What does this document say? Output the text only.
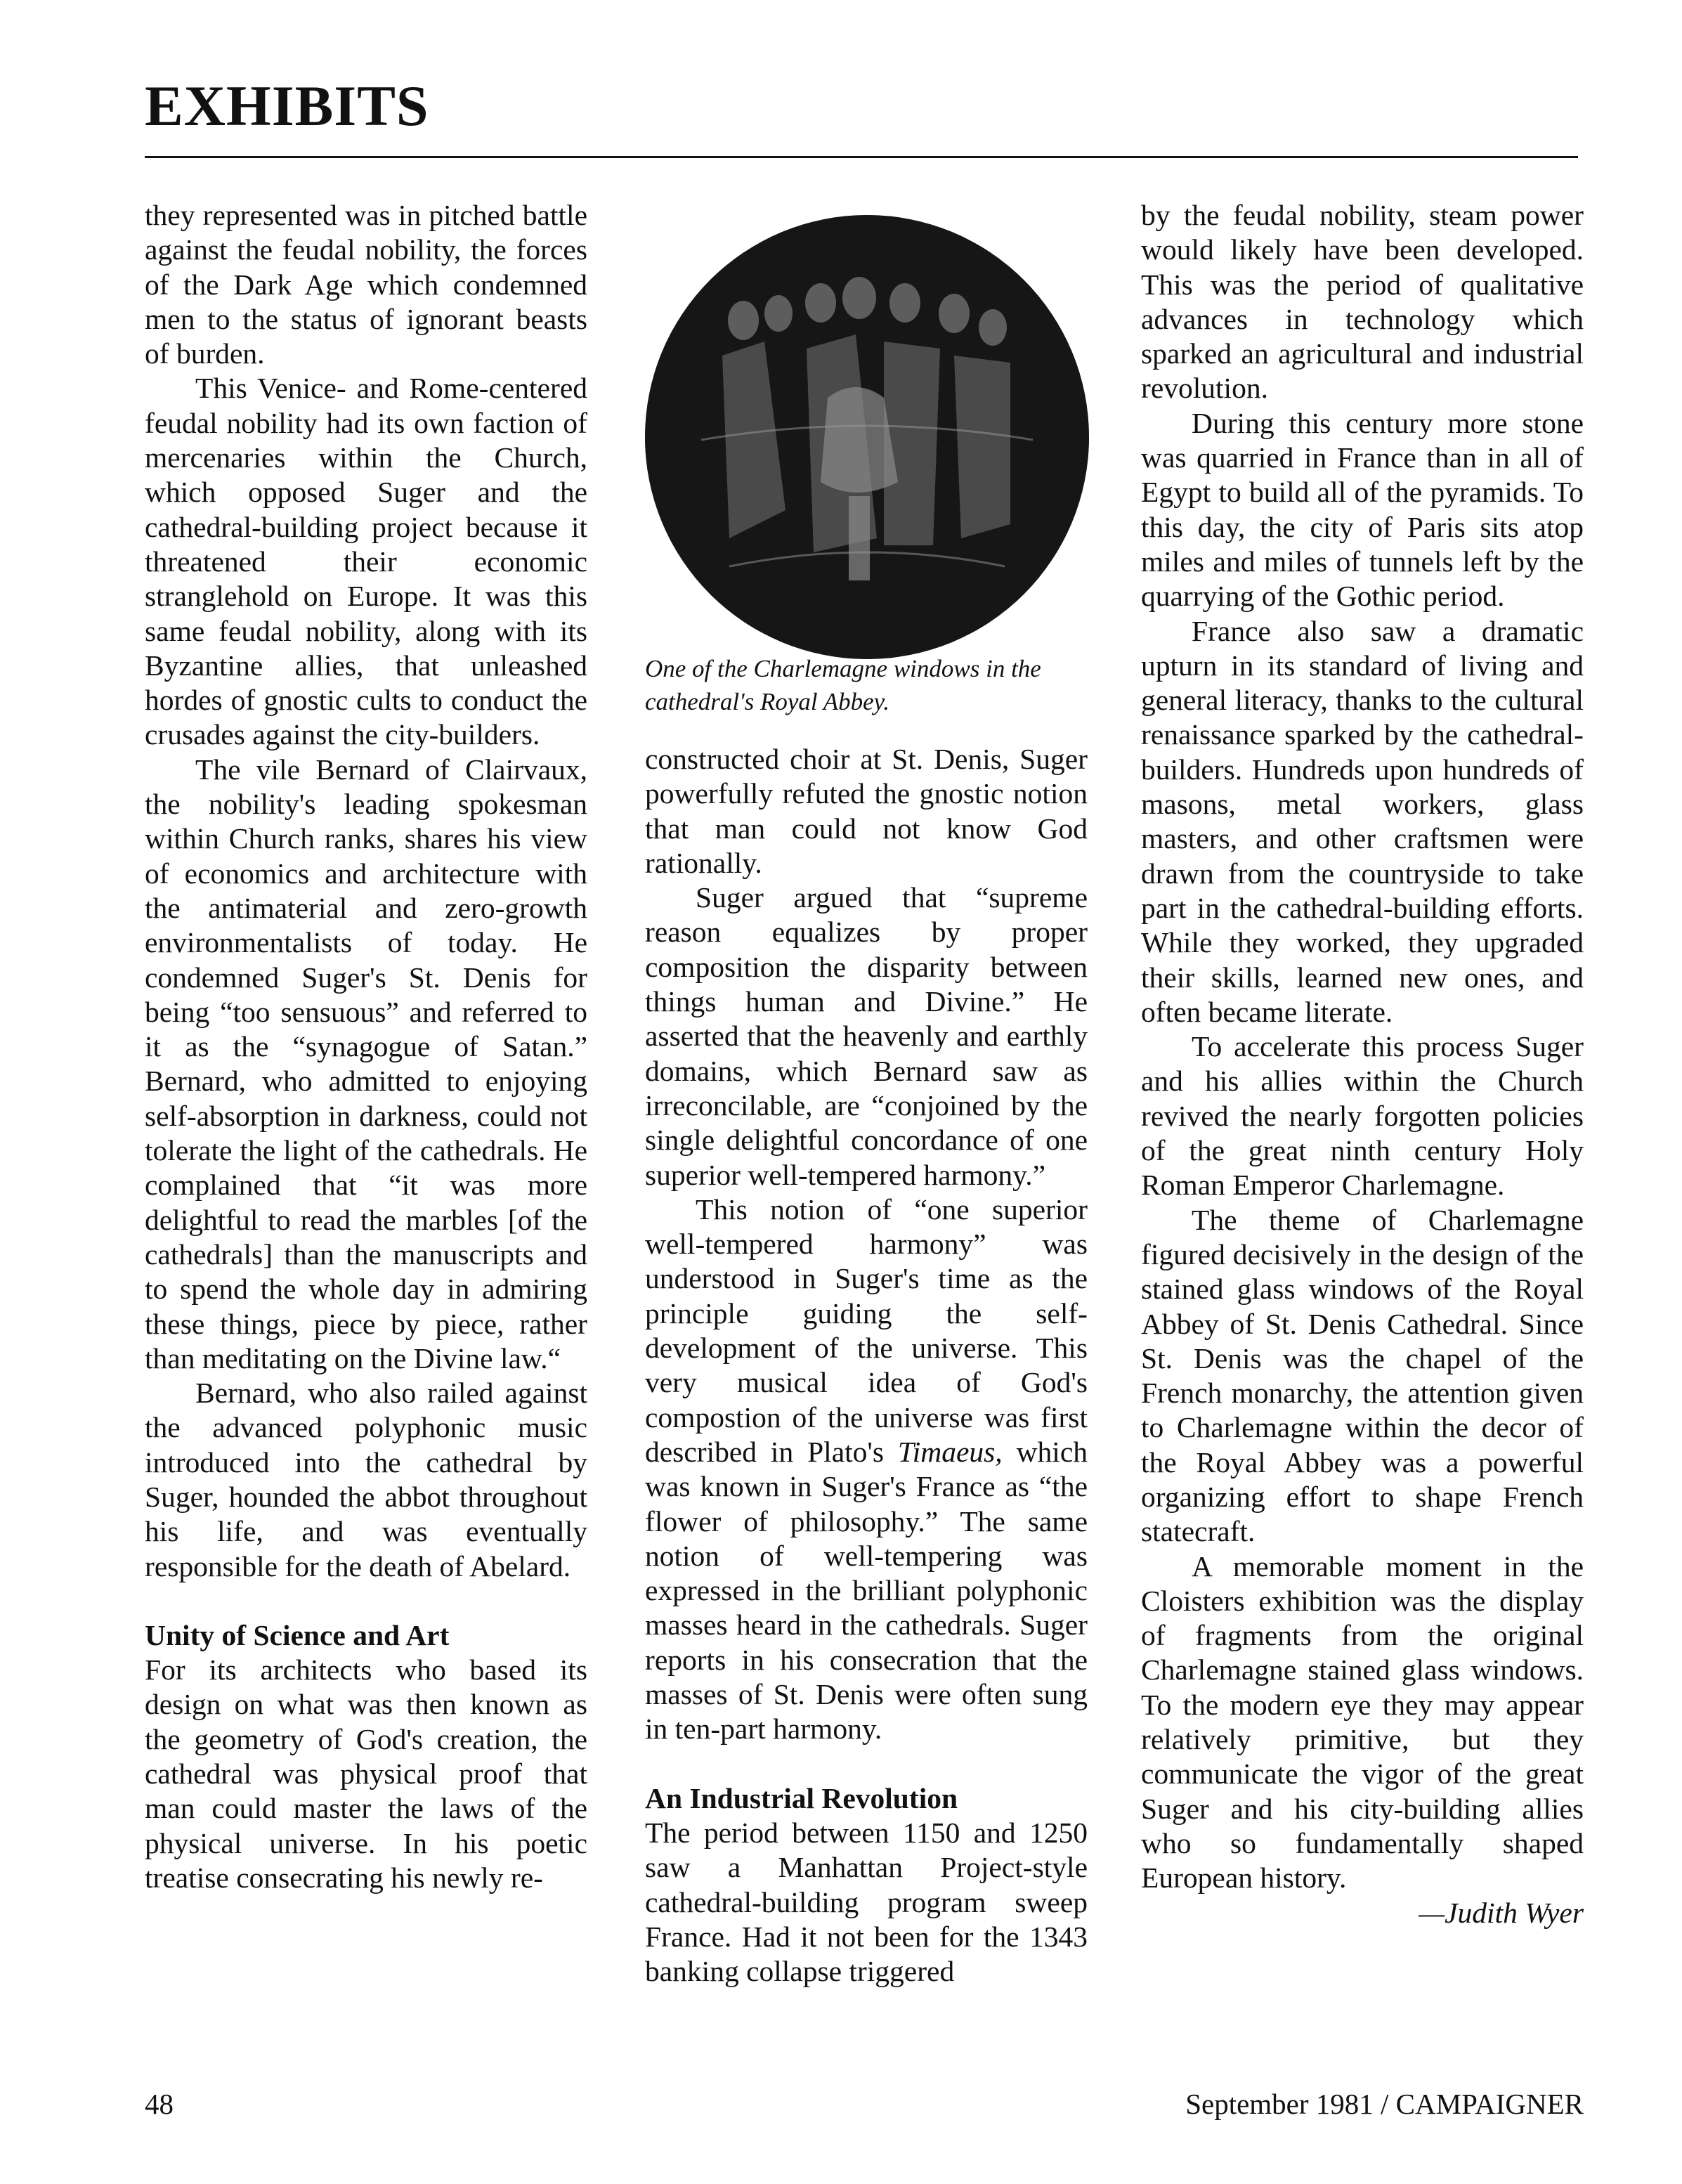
EXHIBITS

they represented was in pitched battle against the feudal nobility, the forces of the Dark Age which condemned men to the status of ignorant beasts of burden.

This Venice- and Rome-centered feudal nobility had its own faction of mercenaries within the Church, which opposed Suger and the cathedral-building project because it threatened their economic stranglehold on Europe. It was this same feudal nobility, along with its Byzantine allies, that unleashed hordes of gnostic cults to conduct the crusades against the city-builders.

The vile Bernard of Clairvaux, the nobility's leading spokesman within Church ranks, shares his view of economics and architecture with the antimaterial and zero-growth environmentalists of today. He condemned Suger's St. Denis for being “too sensuous” and referred to it as the “synagogue of Satan.” Bernard, who admitted to enjoying self-absorption in darkness, could not tolerate the light of the cathedrals. He complained that “it was more delightful to read the marbles [of the cathedrals] than the manuscripts and to spend the whole day in admiring these things, piece by piece, rather than meditating on the Divine law.“

Bernard, who also railed against the advanced polyphonic music introduced into the cathedral by Suger, hounded the abbot throughout his life, and was eventually responsible for the death of Abelard.

Unity of Science and Art

For its architects who based its design on what was then known as the geometry of God's creation, the cathedral was physical proof that man could master the laws of the physical universe. In his poetic treatise consecrating his newly re-

One of the Charlemagne windows in the cathedral's Royal Abbey.

constructed choir at St. Denis, Suger powerfully refuted the gnostic notion that man could not know God rationally.

Suger argued that “supreme reason equalizes by proper composition the disparity between things human and Divine.” He asserted that the heavenly and earthly domains, which Bernard saw as irreconcilable, are “conjoined by the single delightful concordance of one superior well-tempered harmony.”

This notion of “one superior well-tempered harmony” was understood in Suger's time as the principle guiding the self-development of the universe. This very musical idea of God's compostion of the universe was first described in Plato's Timaeus, which was known in Suger's France as “the flower of philosophy.” The same notion of well-tempering was expressed in the brilliant polyphonic masses heard in the cathedrals. Suger reports in his consecration that the masses of St. Denis were often sung in ten-part harmony.

An Industrial Revolution

The period between 1150 and 1250 saw a Manhattan Project-style cathedral-building program sweep France. Had it not been for the 1343 banking collapse triggered

by the feudal nobility, steam power would likely have been developed. This was the period of qualitative advances in technology which sparked an agricultural and industrial revolution.

During this century more stone was quarried in France than in all of Egypt to build all of the pyramids. To this day, the city of Paris sits atop miles and miles of tunnels left by the quarrying of the Gothic period.

France also saw a dramatic upturn in its standard of living and general literacy, thanks to the cultural renaissance sparked by the cathedral-builders. Hundreds upon hundreds of masons, metal workers, glass masters, and other craftsmen were drawn from the countryside to take part in the cathedral-building efforts. While they worked, they upgraded their skills, learned new ones, and often became literate.

To accelerate this process Suger and his allies within the Church revived the nearly forgotten policies of the great ninth century Holy Roman Emperor Charlemagne.

The theme of Charlemagne figured decisively in the design of the stained glass windows of the Royal Abbey of St. Denis Cathedral. Since St. Denis was the chapel of the French monarchy, the attention given to Charlemagne within the decor of the Royal Abbey was a powerful organizing effort to shape French statecraft.

A memorable moment in the Cloisters exhibition was the display of fragments from the original Charlemagne stained glass windows. To the modern eye they may appear relatively primitive, but they communicate the vigor of the great Suger and his city-building allies who so fundamentally shaped European history.

—Judith Wyer

48	September 1981 / CAMPAIGNER
